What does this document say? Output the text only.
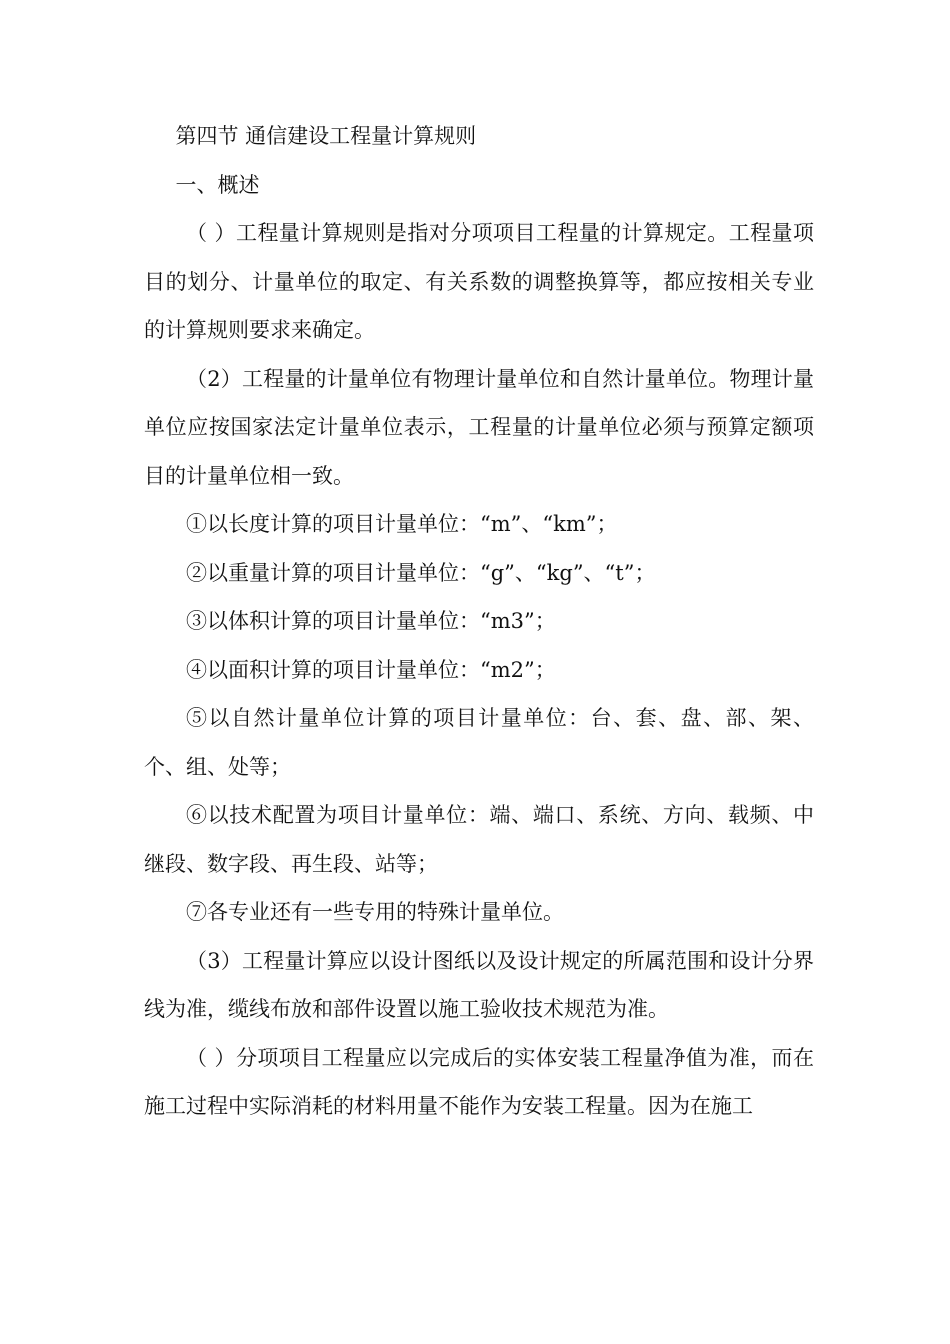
第四节 通信建设工程量计算规则

一、概述

（ ）工程量计算规则是指对分项项目工程量的计算规定。工程量项目的划分、计量单位的取定、有关系数的调整换算等，都应按相关专业的计算规则要求来确定。

（2）工程量的计量单位有物理计量单位和自然计量单位。物理计量单位应按国家法定计量单位表示，工程量的计量单位必须与预算定额项目的计量单位相一致。

①以长度计算的项目计量单位：“m”、“km”；

②以重量计算的项目计量单位：“g”、“kg”、“t”；

③以体积计算的项目计量单位：“m3”；

④以面积计算的项目计量单位：“m2”；

⑤以自然计量单位计算的项目计量单位：台、套、盘、部、架、个、组、处等；

⑥以技术配置为项目计量单位：端、端口、系统、方向、载频、中继段、数字段、再生段、站等；

⑦各专业还有一些专用的特殊计量单位。

（3）工程量计算应以设计图纸以及设计规定的所属范围和设计分界线为准，缆线布放和部件设置以施工验收技术规范为准。

（ ）分项项目工程量应以完成后的实体安装工程量净值为准，而在施工过程中实际消耗的材料用量不能作为安装工程量。因为在施工
